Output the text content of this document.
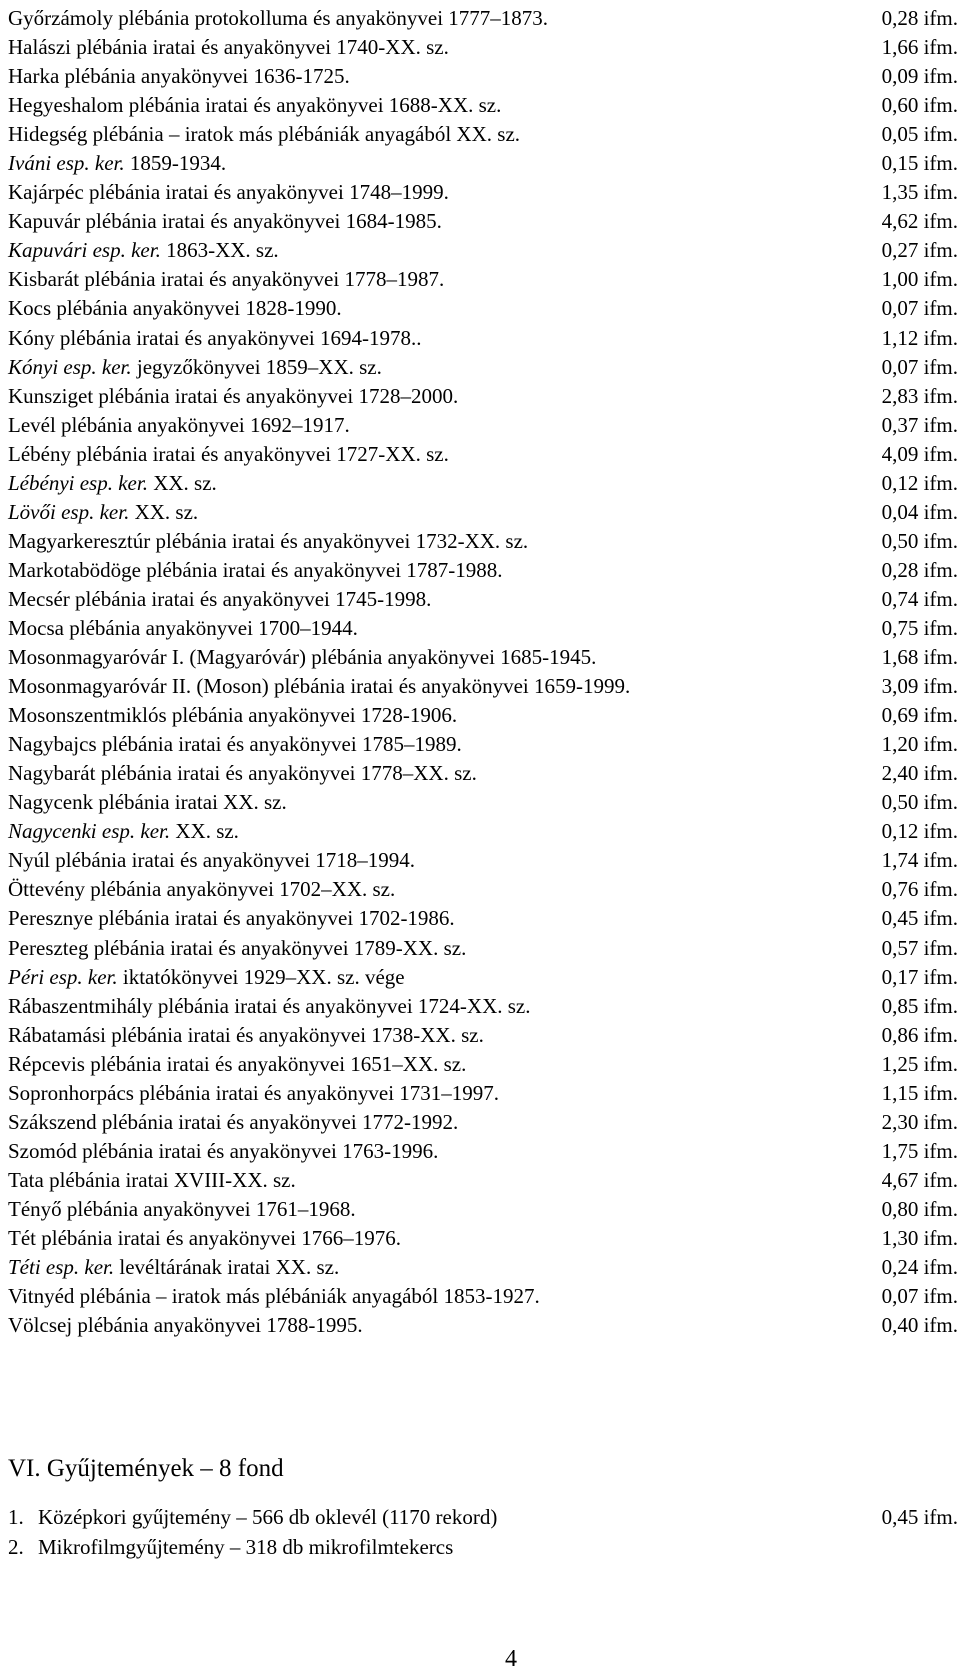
Győrzámoly plébánia protokolluma és anyakönyvei 1777–1873.	0,28 ifm.
Halászi plébánia iratai és anyakönyvei 1740-XX. sz.	1,66 ifm.
Harka plébánia anyakönyvei 1636-1725.	0,09 ifm.
Hegyeshalom plébánia iratai és anyakönyvei 1688-XX. sz.	0,60 ifm.
Hidegség plébánia – iratok más plébániák anyagából XX. sz.	0,05 ifm.
Iváni esp. ker. 1859-1934.	0,15 ifm.
Kajárpéc plébánia iratai és anyakönyvei 1748–1999.	1,35 ifm.
Kapuvár plébánia iratai és anyakönyvei 1684-1985.	4,62 ifm.
Kapuvári esp. ker. 1863-XX. sz.	0,27 ifm.
Kisbarát plébánia iratai és anyakönyvei 1778–1987.	1,00 ifm.
Kocs plébánia anyakönyvei 1828-1990.	0,07 ifm.
Kóny plébánia iratai és anyakönyvei 1694-1978..	1,12 ifm.
Kónyi esp. ker. jegyzőkönyvei 1859–XX. sz.	0,07 ifm.
Kunsziget plébánia iratai és anyakönyvei 1728–2000.	2,83 ifm.
Levél plébánia anyakönyvei 1692–1917.	0,37 ifm.
Lébény plébánia iratai és anyakönyvei 1727-XX. sz.	4,09 ifm.
Lébényi esp. ker. XX. sz.	0,12 ifm.
Lövői esp. ker. XX. sz.	0,04 ifm.
Magyarkeresztúr plébánia iratai és anyakönyvei 1732-XX. sz.	0,50 ifm.
Markotabödöge plébánia iratai és anyakönyvei 1787-1988.	0,28 ifm.
Mecsér plébánia iratai és anyakönyvei 1745-1998.	0,74 ifm.
Mocsa plébánia anyakönyvei 1700–1944.	0,75 ifm.
Mosonmagyaróvár I. (Magyaróvár) plébánia anyakönyvei 1685-1945.	1,68 ifm.
Mosonmagyaróvár II. (Moson) plébánia iratai és anyakönyvei 1659-1999.	3,09 ifm.
Mosonszentmiklós plébánia anyakönyvei 1728-1906.	0,69 ifm.
Nagybajcs plébánia iratai és anyakönyvei 1785–1989.	1,20 ifm.
Nagybarát plébánia iratai és anyakönyvei 1778–XX. sz.	2,40 ifm.
Nagycenk plébánia iratai XX. sz.	0,50 ifm.
Nagycenki esp. ker. XX. sz.	0,12 ifm.
Nyúl plébánia iratai és anyakönyvei 1718–1994.	1,74 ifm.
Öttevény plébánia anyakönyvei 1702–XX. sz.	0,76 ifm.
Peresznye plébánia iratai és anyakönyvei 1702-1986.	0,45 ifm.
Pereszteg plébánia iratai és anyakönyvei 1789-XX. sz.	0,57 ifm.
Péri esp. ker. iktatókönyvei 1929–XX. sz. vége	0,17 ifm.
Rábaszentmihály plébánia iratai és anyakönyvei 1724-XX. sz.	0,85 ifm.
Rábatamási plébánia iratai és anyakönyvei 1738-XX. sz.	0,86 ifm.
Répcevis plébánia iratai és anyakönyvei 1651–XX. sz.	1,25 ifm.
Sopronhorpács plébánia iratai és anyakönyvei 1731–1997.	1,15 ifm.
Szákszend plébánia iratai és anyakönyvei 1772-1992.	2,30 ifm.
Szomód plébánia iratai és anyakönyvei 1763-1996.	1,75 ifm.
Tata plébánia iratai XVIII-XX. sz.	4,67 ifm.
Tényő plébánia anyakönyvei 1761–1968.	0,80 ifm.
Tét plébánia iratai és anyakönyvei 1766–1976.	1,30 ifm.
Téti esp. ker. levéltárának iratai XX. sz.	0,24 ifm.
Vitnyéd plébánia – iratok más plébániák anyagából 1853-1927.	0,07 ifm.
Völcsej plébánia anyakönyvei 1788-1995.	0,40 ifm.
VI. Gyűjtemények – 8 fond
1. Középkori gyűjtemény – 566 db oklevél (1170 rekord)	0,45 ifm.
2. Mikrofilmgyűjtemény – 318 db mikrofilmtekercs
4
